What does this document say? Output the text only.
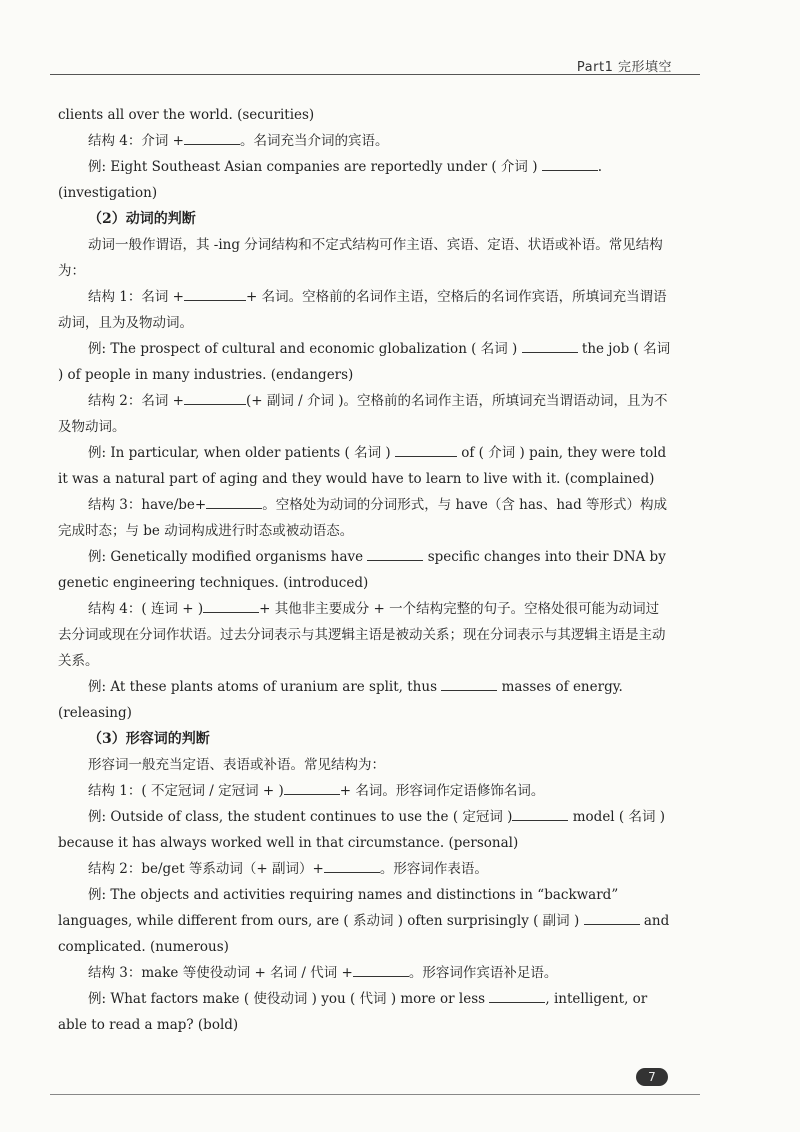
Part1 完形填空

clients all over the world. (securities)

结构 4：介词 +	。名词充当介词的宾语。

例: Eight Southeast Asian companies are reportedly under ( 介词 )	. (investigation)

（2）动词的判断

动词一般作谓语，其 -ing 分词结构和不定式结构可作主语、宾语、定语、状语或补语。常见结构为：

结构 1：名词 +	+ 名词。空格前的名词作主语，空格后的名词作宾语，所填词充当谓语动词，且为及物动词。

例: The prospect of cultural and economic globalization ( 名词 )	the job ( 名词 ) of people in many industries. (endangers)

结构 2：名词 +	(+ 副词 / 介词 )。空格前的名词作主语，所填词充当谓语动词，且为不及物动词。

例: In particular, when older patients ( 名词 )	of ( 介词 ) pain, they were told it was a natural part of aging and they would have to learn to live with it. (complained)

结构 3：have/be+	。空格处为动词的分词形式，与 have（含 has、had 等形式）构成完成时态；与 be 动词构成进行时态或被动语态。

例: Genetically modified organisms have	specific changes into their DNA by genetic engineering techniques. (introduced)

结构 4：( 连词 + )	+ 其他非主要成分 + 一个结构完整的句子。空格处很可能为动词过去分词或现在分词作状语。过去分词表示与其逻辑主语是被动关系；现在分词表示与其逻辑主语是主动关系。

例: At these plants atoms of uranium are split, thus	masses of energy. (releasing)

（3）形容词的判断

形容词一般充当定语、表语或补语。常见结构为：

结构 1：( 不定冠词 / 定冠词 + )	+ 名词。形容词作定语修饰名词。

例: Outside of class, the student continues to use the ( 定冠词 )	model ( 名词 ) because it has always worked well in that circumstance. (personal)

结构 2：be/get 等系动词（+ 副词）+	。形容词作表语。

例: The objects and activities requiring names and distinctions in “backward” languages, while different from ours, are ( 系动词 ) often surprisingly ( 副词 )	and complicated. (numerous)

结构 3：make 等使役动词 + 名词 / 代词 +	。形容词作宾语补足语。

例: What factors make ( 使役动词 ) you ( 代词 ) more or less	, intelligent, or able to read a map? (bold)

7
